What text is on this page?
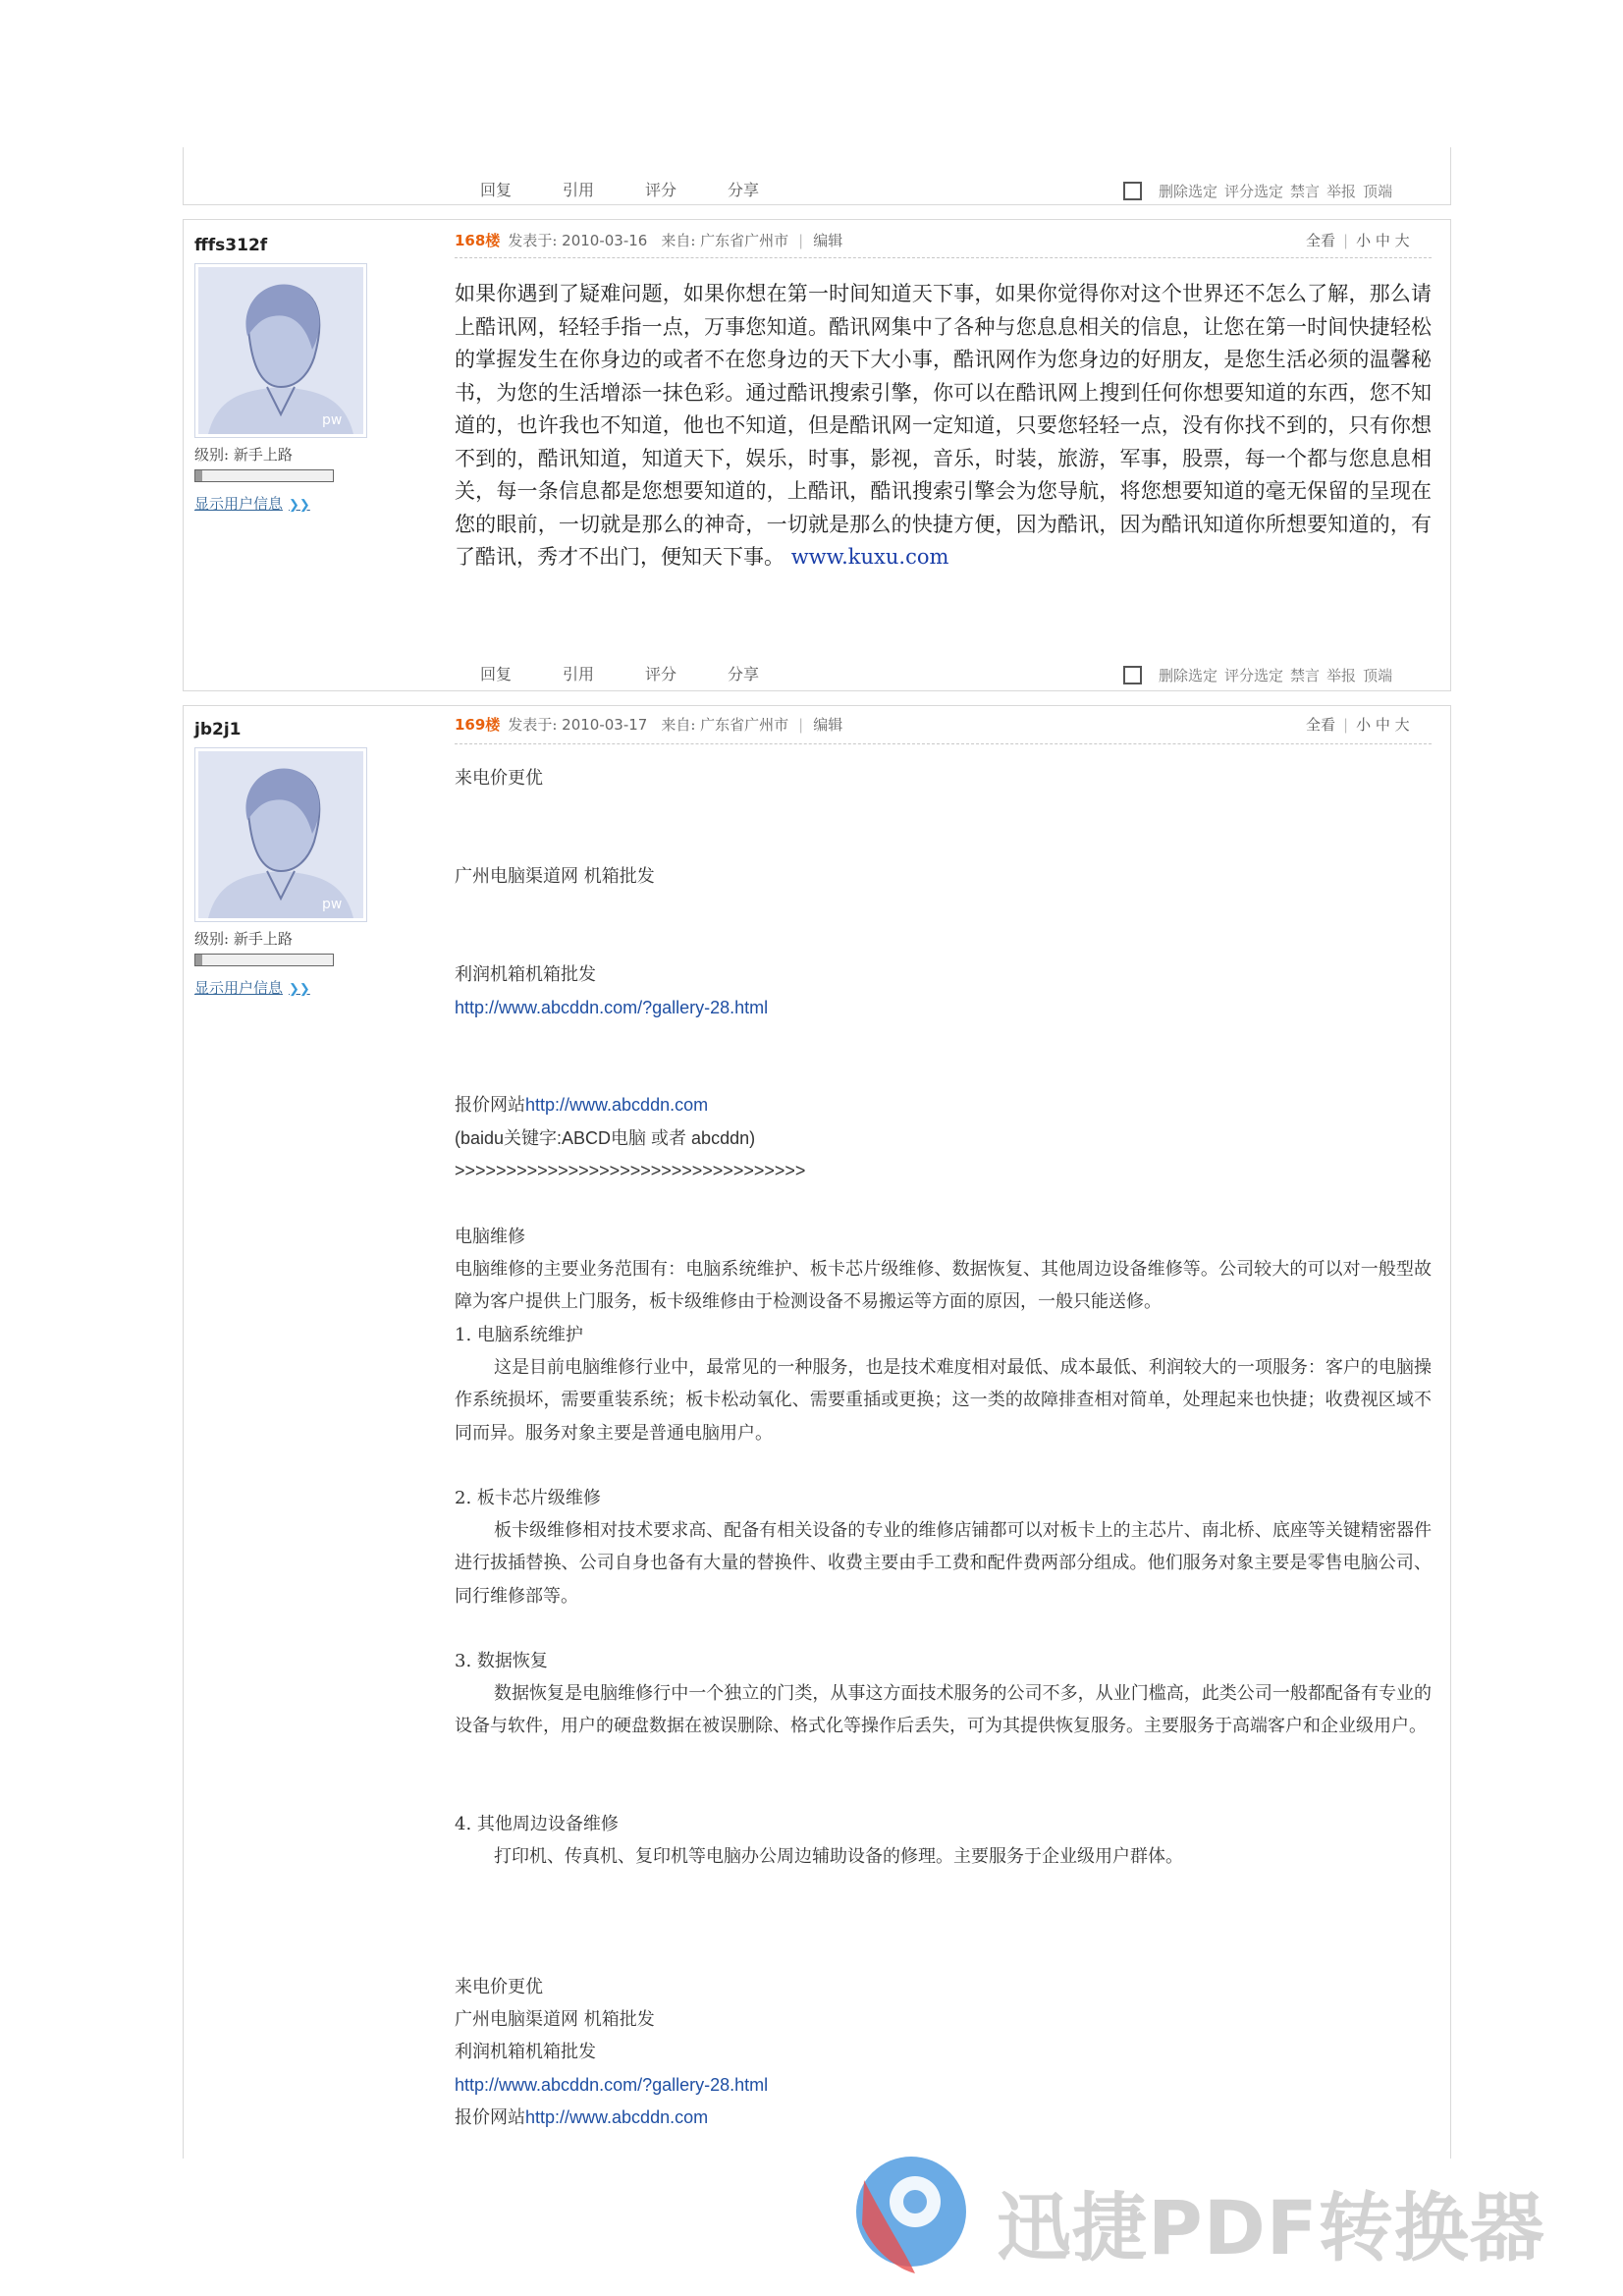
回复	引用	评分	分享	删除选定 评分选定 禁言 举报 顶端
fffs312f
pw
级别: 新手上路
显示用户信息 ❯❯
168楼 发表于: 2010-03-16 来自: 广东省广州市 | 编辑	全看 | 小 中 大
如果你遇到了疑难问题，如果你想在第一时间知道天下事，如果你觉得你对这个世界还不怎么了解，那么请上酷讯网，轻轻手指一点，万事您知道。酷讯网集中了各种与您息息相关的信息，让您在第一时间快捷轻松的掌握发生在你身边的或者不在您身边的天下大小事，酷讯网作为您身边的好朋友，是您生活必须的温馨秘书，为您的生活增添一抹色彩。通过酷讯搜索引擎，你可以在酷讯网上搜到任何你想要知道的东西，您不知道的，也许我也不知道，他也不知道，但是酷讯网一定知道，只要您轻轻一点，没有你找不到的，只有你想不到的，酷讯知道，知道天下，娱乐，时事，影视，音乐，时装，旅游，军事，股票，每一个都与您息息相关，每一条信息都是您想要知道的，上酷讯，酷讯搜索引擎会为您导航，将您想要知道的毫无保留的呈现在您的眼前，一切就是那么的神奇，一切就是那么的快捷方便，因为酷讯，因为酷讯知道你所想要知道的，有了酷讯，秀才不出门，便知天下事。 www.kuxu.com
回复	引用	评分	分享	删除选定 评分选定 禁言 举报 顶端
jb2j1
pw
级别: 新手上路
显示用户信息 ❯❯
169楼 发表于: 2010-03-17 来自: 广东省广州市 | 编辑	全看 | 小 中 大
来电价更优
广州电脑渠道网 机箱批发
利润机箱机箱批发
http://www.abcddn.com/?gallery-28.html
报价网站http://www.abcddn.com
(baidu关键字:ABCD电脑 或者 abcddn)
>>>>>>>>>>>>>>>>>>>>>>>>>>>>>>>>>>
电脑维修
电脑维修的主要业务范围有：电脑系统维护、板卡芯片级维修、数据恢复、其他周边设备维修等。公司较大的可以对一般型故障为客户提供上门服务，板卡级维修由于检测设备不易搬运等方面的原因，一般只能送修。
1. 电脑系统维护
这是目前电脑维修行业中，最常见的一种服务，也是技术难度相对最低、成本最低、利润较大的一项服务：客户的电脑操作系统损坏，需要重装系统；板卡松动氧化、需要重插或更换；这一类的故障排查相对简单，处理起来也快捷；收费视区域不同而异。服务对象主要是普通电脑用户。
2. 板卡芯片级维修
板卡级维修相对技术要求高、配备有相关设备的专业的维修店铺都可以对板卡上的主芯片、南北桥、底座等关键精密器件进行拔插替换、公司自身也备有大量的替换件、收费主要由手工费和配件费两部分组成。他们服务对象主要是零售电脑公司、同行维修部等。
3. 数据恢复
数据恢复是电脑维修行中一个独立的门类，从事这方面技术服务的公司不多，从业门槛高，此类公司一般都配备有专业的设备与软件，用户的硬盘数据在被误删除、格式化等操作后丢失，可为其提供恢复服务。主要服务于高端客户和企业级用户。
4. 其他周边设备维修
打印机、传真机、复印机等电脑办公周边辅助设备的修理。主要服务于企业级用户群体。
来电价更优
广州电脑渠道网 机箱批发
利润机箱机箱批发
http://www.abcddn.com/?gallery-28.html
报价网站http://www.abcddn.com
迅捷PDF转换器
